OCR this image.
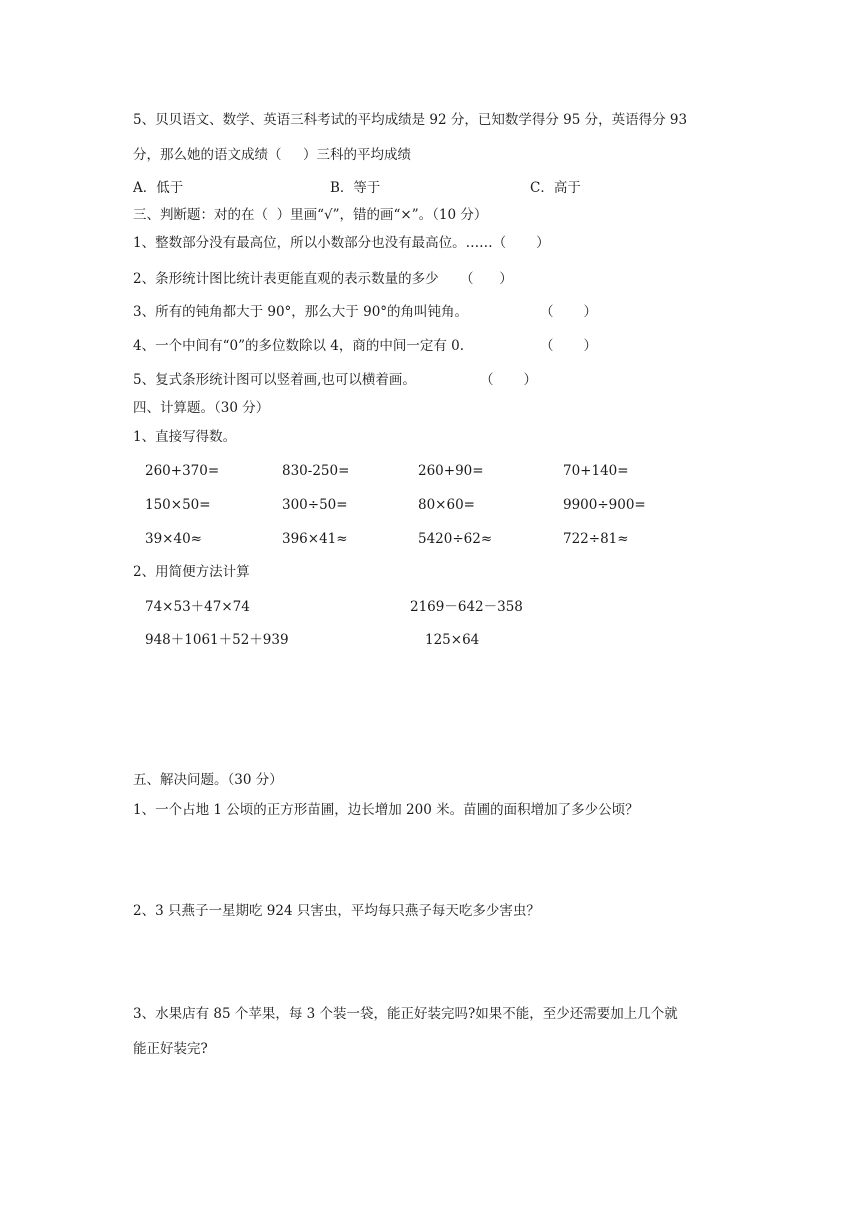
5、贝贝语文、数学、英语三科考试的平均成绩是 92 分，已知数学得分 95 分，英语得分 93
分，那么她的语文成绩（     ）三科的平均成绩
A．低于	B．等于	C．高于
三、判断题：对的在（  ）里画“√”，错的画“×”。（10 分）
1、整数部分没有最高位，所以小数部分也没有最高位。……（       ）
2、条形统计图比统计表更能直观的表示数量的多少     （      ）
3、所有的钝角都大于 90°，那么大于 90°的角叫钝角。	（       ）
4、一个中间有“0”的多位数除以 4，商的中间一定有 0.	（       ）
5、复式条形统计图可以竖着画,也可以横着画。	（       ）
四、计算题。（30 分）
1、直接写得数。
260+370=	830-250=	260+90=	70+140=
150×50=	300÷50=	80×60=	9900÷900=
39×40≈	396×41≈	5420÷62≈	722÷81≈
2、用简便方法计算
74×53＋47×74	2169－642－358
948＋1061＋52＋939	125×64
五、解决问题。（30 分）
1、一个占地 1 公顷的正方形苗圃，边长增加 200 米。苗圃的面积增加了多少公顷？
2、3 只燕子一星期吃 924 只害虫，平均每只燕子每天吃多少害虫？
3、水果店有 85 个苹果，每 3 个装一袋，能正好装完吗?如果不能，至少还需要加上几个就
能正好装完?
